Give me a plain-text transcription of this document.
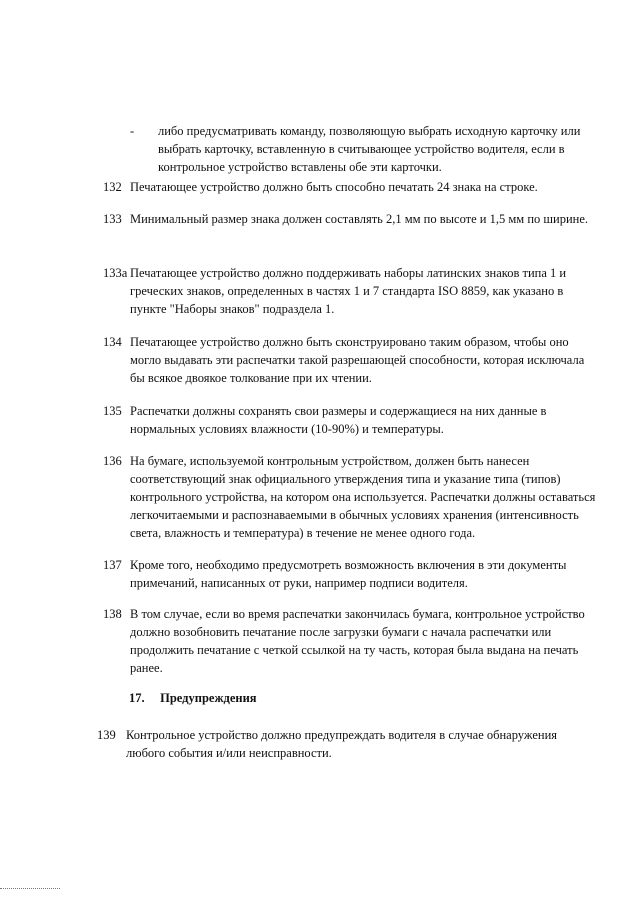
- либо предусматривать команду, позволяющую выбрать исходную карточку или выбрать карточку, вставленную в считывающее устройство водителя, если в контрольное устройство вставлены обе эти карточки.
132 Печатающее устройство должно быть способно печатать 24 знака на строке.
133 Минимальный размер знака должен составлять 2,1 мм по высоте и 1,5 мм по ширине.
133a Печатающее устройство должно поддерживать наборы латинских знаков типа 1 и греческих знаков, определенных в частях 1 и 7 стандарта ISO 8859, как указано в пункте "Наборы знаков" подраздела 1.
134 Печатающее устройство должно быть сконструировано таким образом, чтобы оно могло выдавать эти распечатки такой разрешающей способности, которая исключала бы всякое двоякое толкование при их чтении.
135 Распечатки должны сохранять свои размеры и содержащиеся на них данные в нормальных условиях влажности (10-90%) и температуры.
136 На бумаге, используемой контрольным устройством, должен быть нанесен соответствующий знак официального утверждения типа и указание типа (типов) контрольного устройства, на котором она используется. Распечатки должны оставаться легкочитаемыми и распознаваемыми в обычных условиях хранения (интенсивность света, влажность и температура) в течение не менее одного года.
137 Кроме того, необходимо предусмотреть возможность включения в эти документы примечаний, написанных от руки, например подписи водителя.
138 В том случае, если во время распечатки закончилась бумага, контрольное устройство должно возобновить печатание после загрузки бумаги с начала распечатки или продолжить печатание с четкой ссылкой на ту часть, которая была выдана на печать ранее.
17. Предупреждения
139 Контрольное устройство должно предупреждать водителя в случае обнаружения любого события и/или неисправности.
